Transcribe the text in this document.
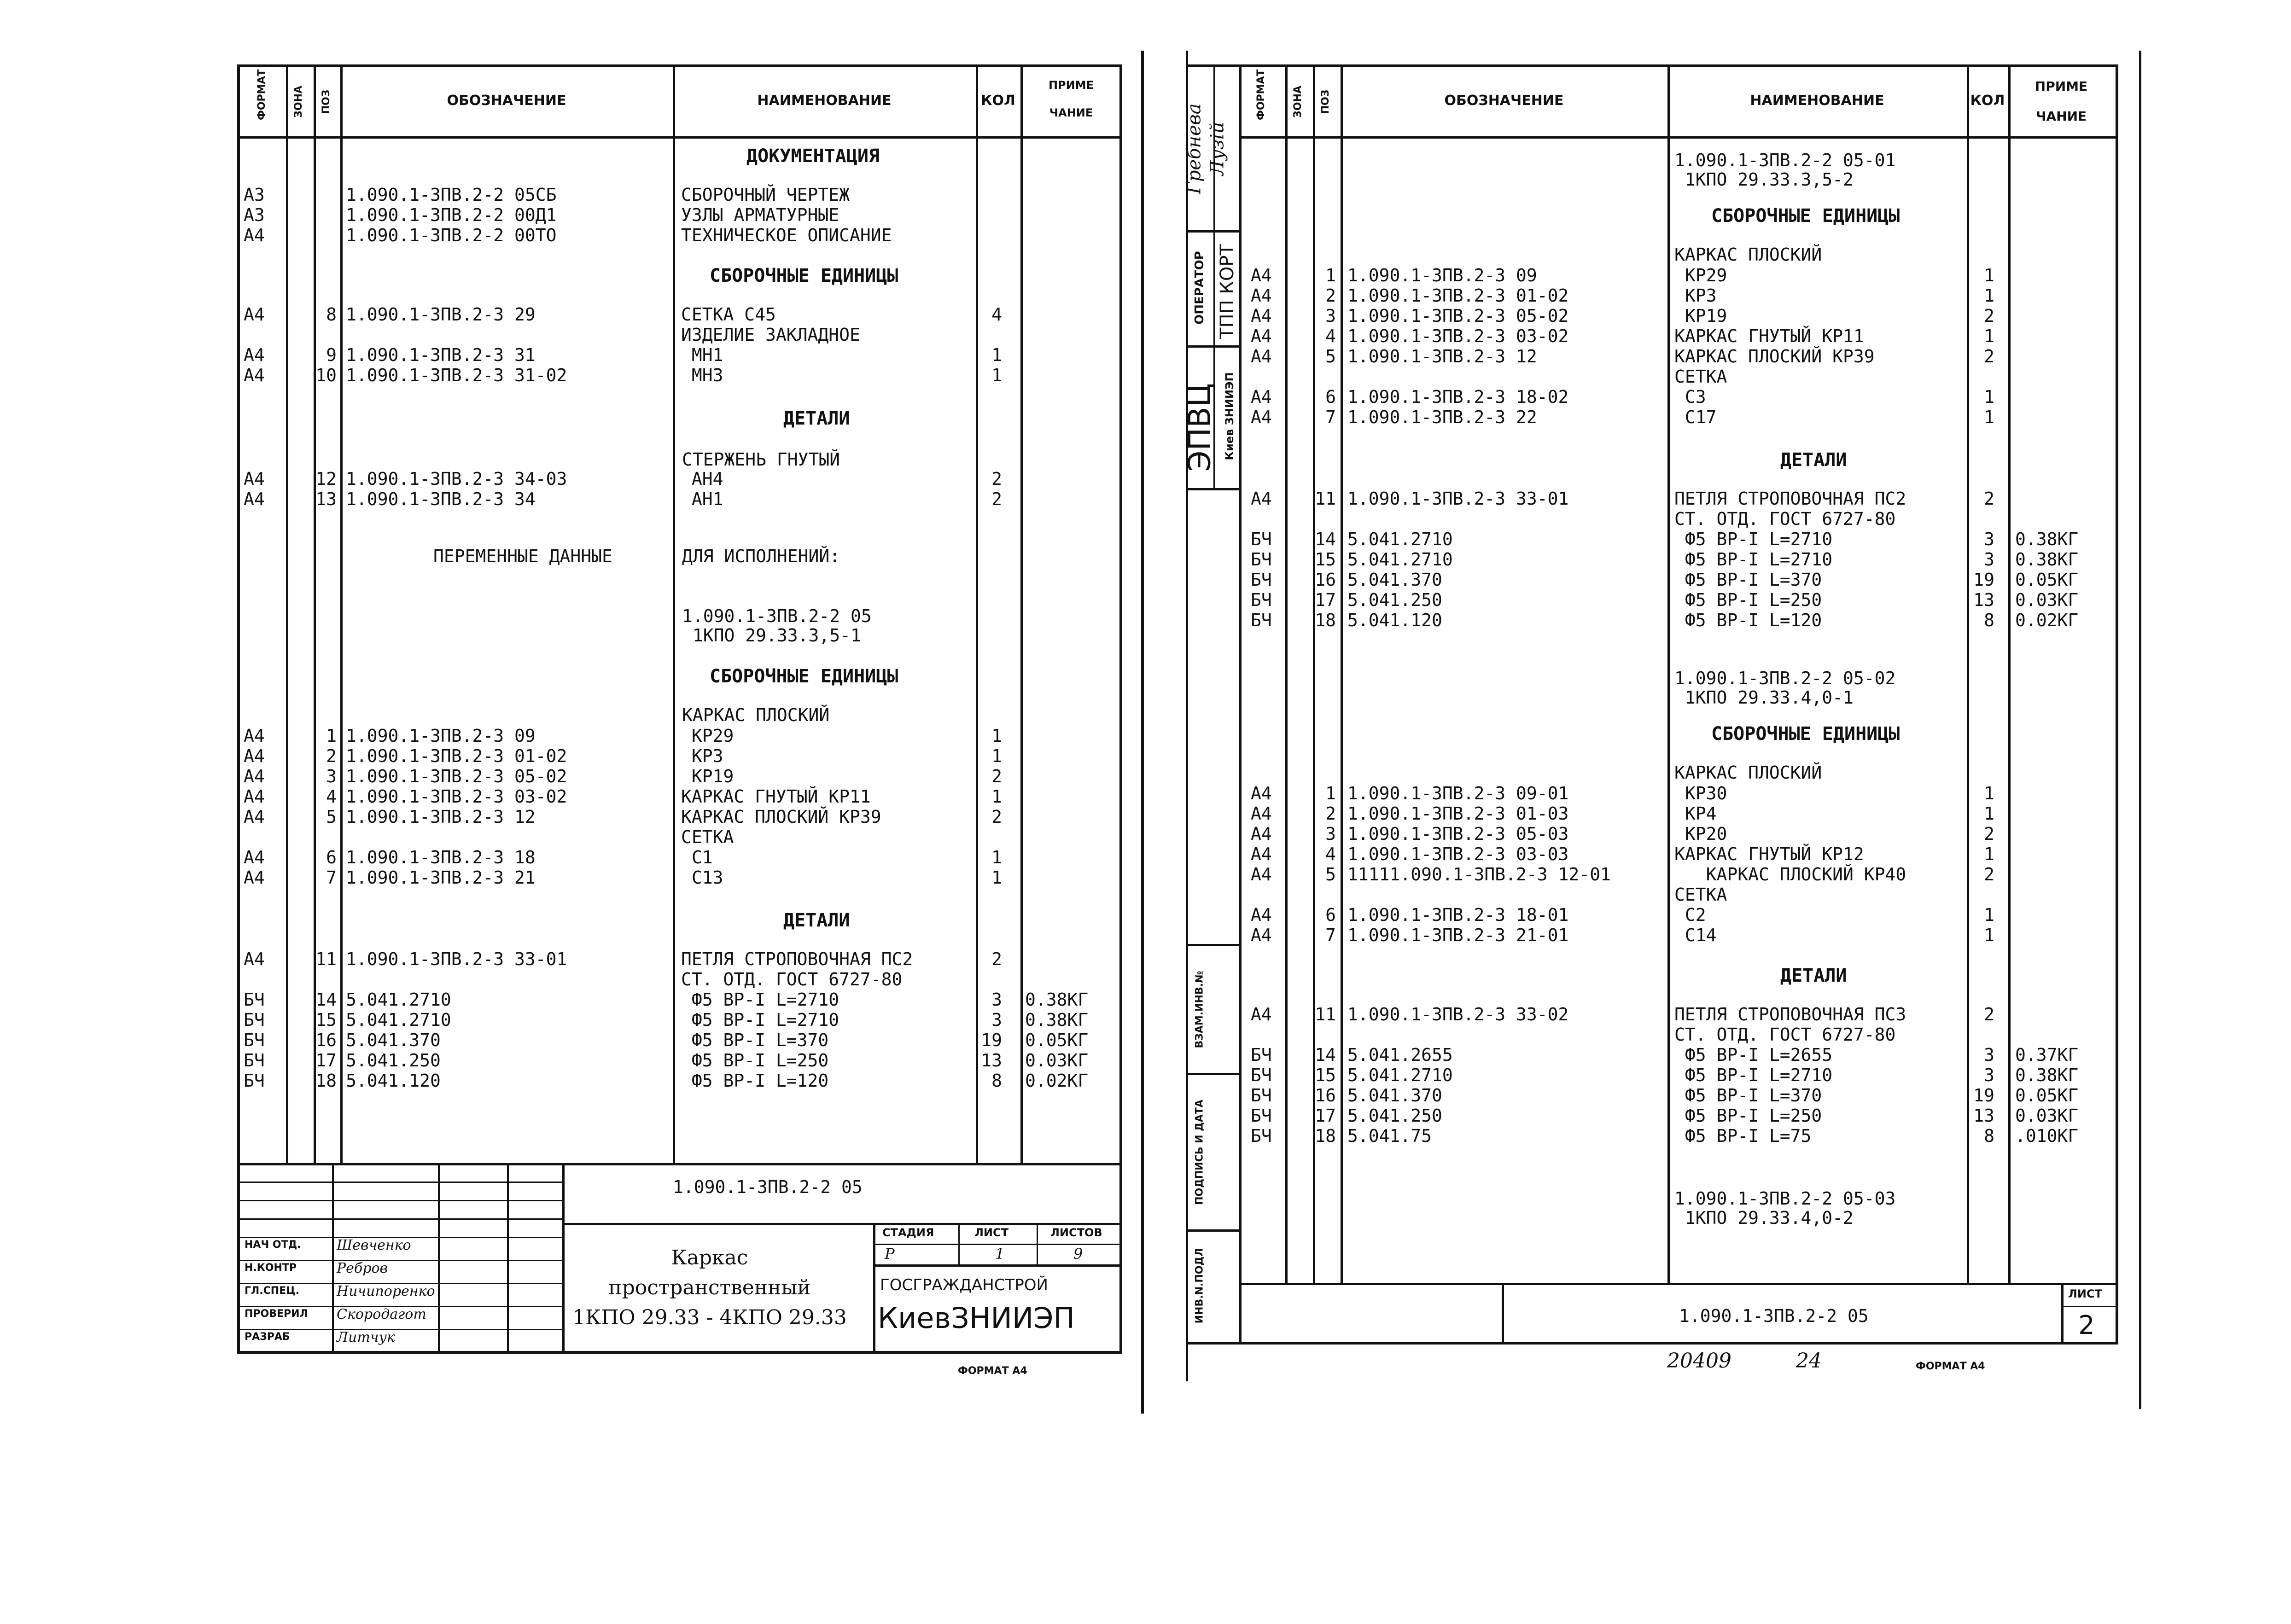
ФОРМАТ	ЗОНА ПОЗ	ОБОЗНАЧЕНИЕ	НАИМЕНОВАНИЕ	КОЛ
ПРИМЕ
ЧАНИЕ
ДОКУМЕНТАЦИЯ
А3	1.090.1-3ПВ.2-2 05СБ	СБОРОЧНЫЙ ЧЕРТЕЖ
А3	1.090.1-3ПВ.2-2 00Д1	УЗЛЫ АРМАТУРНЫЕ
А4	1.090.1-3ПВ.2-2 00ТО	ТЕХНИЧЕСКОЕ ОПИСАНИЕ
СБОРОЧНЫЕ ЕДИНИЦЫ
А4	8 1.090.1-3ПВ.2-3 29	СЕТКА С45	4
ИЗДЕЛИЕ ЗАКЛАДНОЕ
А4	9 1.090.1-3ПВ.2-3 31	МН1	1
А4	10 1.090.1-3ПВ.2-3 31-02	МН3	1
ДЕТАЛИ
СТЕРЖЕНЬ ГНУТЫЙ
А4	12 1.090.1-3ПВ.2-3 34-03	АН4	2
А4	13 1.090.1-3ПВ.2-3 34	АН1	2
ПЕРЕМЕННЫЕ ДАННЫЕ	ДЛЯ ИСПОЛНЕНИЙ:
1.090.1-3ПВ.2-2 05
1КПО 29.33.3,5-1
СБОРОЧНЫЕ ЕДИНИЦЫ
КАРКАС ПЛОСКИЙ
А4	1 1.090.1-3ПВ.2-3 09	КР29	1
А4	2 1.090.1-3ПВ.2-3 01-02	КР3	1
А4	3 1.090.1-3ПВ.2-3 05-02	КР19	2
А4	4 1.090.1-3ПВ.2-3 03-02	КАРКАС ГНУТЫЙ КР11	1
А4	5 1.090.1-3ПВ.2-3 12	КАРКАС ПЛОСКИЙ КР39	2
СЕТКА
А4	6 1.090.1-3ПВ.2-3 18	С1	1
А4	7 1.090.1-3ПВ.2-3 21	С13	1
ДЕТАЛИ
А4	11 1.090.1-3ПВ.2-3 33-01	ПЕТЛЯ СТРОПОВОЧНАЯ ПС2	2
СТ. ОТД. ГОСТ 6727-80
БЧ	14 5.041.2710	Ф5 ВР-I L=2710	3 0.38КГ
БЧ	15 5.041.2710	Ф5 ВР-I L=2710	3 0.38КГ
БЧ	16 5.041.370	Ф5 ВР-I L=370	19 0.05КГ
БЧ	17 5.041.250	Ф5 ВР-I L=250	13 0.03КГ
БЧ	18 5.041.120	Ф5 ВР-I L=120	8 0.02КГ
НАЧ ОТД.	Шевченко
Н.КОНТР	Ребров
ГЛ.СПЕЦ.	Ничипоренко
ПРОВЕРИЛ Скородагот
РАЗРАБ	Литчук
1.090.1-3ПВ.2-2 05
Каркас
пространственный
1КПО 29.33 - 4КПО 29.33
СТАДИЯ	ЛИСТ	ЛИСТОВ
Р	1	9
ГОСГРАЖДАНСТРОЙ
КиевЗНИИЭП
ФОРМАТ А4
Гребнева Лузій
ОПЕРАТОР ТПП КОРТ
ЭПВЦ Киев ЗНИИЭП
ВЗАМ.ИНВ.№
ПОДПИСЬ И ДАТА
ИНВ.N.ПОДЛ
ФОРМАТ	ЗОНА ПОЗ	ОБОЗНАЧЕНИЕ	НАИМЕНОВАНИЕ	КОЛ
ПРИМЕ
ЧАНИЕ
1.090.1-3ПВ.2-2 05-01
1КПО 29.33.3,5-2
СБОРОЧНЫЕ ЕДИНИЦЫ
КАРКАС ПЛОСКИЙ
А4	1 1.090.1-3ПВ.2-3 09	КР29	1
А4	2 1.090.1-3ПВ.2-3 01-02	КР3	1
А4	3 1.090.1-3ПВ.2-3 05-02	КР19	2
А4	4 1.090.1-3ПВ.2-3 03-02	КАРКАС ГНУТЫЙ КР11	1
А4	5 1.090.1-3ПВ.2-3 12	КАРКАС ПЛОСКИЙ КР39	2
СЕТКА
А4	6 1.090.1-3ПВ.2-3 18-02	С3	1
А4	7 1.090.1-3ПВ.2-3 22	С17	1
ДЕТАЛИ
А4	11 1.090.1-3ПВ.2-3 33-01	ПЕТЛЯ СТРОПОВОЧНАЯ ПС2	2
СТ. ОТД. ГОСТ 6727-80
БЧ	14 5.041.2710	Ф5 ВР-I L=2710	3 0.38КГ
БЧ	15 5.041.2710	Ф5 ВР-I L=2710	3 0.38КГ
БЧ	16 5.041.370	Ф5 ВР-I L=370	19 0.05КГ
БЧ	17 5.041.250	Ф5 ВР-I L=250	13 0.03КГ
БЧ	18 5.041.120	Ф5 ВР-I L=120	8 0.02КГ
1.090.1-3ПВ.2-2 05-02
1КПО 29.33.4,0-1
СБОРОЧНЫЕ ЕДИНИЦЫ
КАРКАС ПЛОСКИЙ
А4	1 1.090.1-3ПВ.2-3 09-01	КР30	1
А4	2 1.090.1-3ПВ.2-3 01-03	КР4	1
А4	3 1.090.1-3ПВ.2-3 05-03	КР20	2
А4	4 1.090.1-3ПВ.2-3 03-03	КАРКАС ГНУТЫЙ КР12	1
А4	5 11111.090.1-3ПВ.2-3 12-01	КАРКАС ПЛОСКИЙ КР40	2
СЕТКА
А4	6 1.090.1-3ПВ.2-3 18-01	С2	1
А4	7 1.090.1-3ПВ.2-3 21-01	С14	1
ДЕТАЛИ
А4	11 1.090.1-3ПВ.2-3 33-02	ПЕТЛЯ СТРОПОВОЧНАЯ ПС3	2
СТ. ОТД. ГОСТ 6727-80
БЧ	14 5.041.2655	Ф5 ВР-I L=2655	3 0.37КГ
БЧ	15 5.041.2710	Ф5 ВР-I L=2710	3 0.38КГ
БЧ	16 5.041.370	Ф5 ВР-I L=370	19 0.05КГ
БЧ	17 5.041.250	Ф5 ВР-I L=250	13 0.03КГ
БЧ	18 5.041.75	Ф5 ВР-I L=75	8 .010КГ
1.090.1-3ПВ.2-2 05-03
1КПО 29.33.4,0-2
1.090.1-3ПВ.2-2 05
ЛИСТ
2
20409	24	ФОРМАТ А4
